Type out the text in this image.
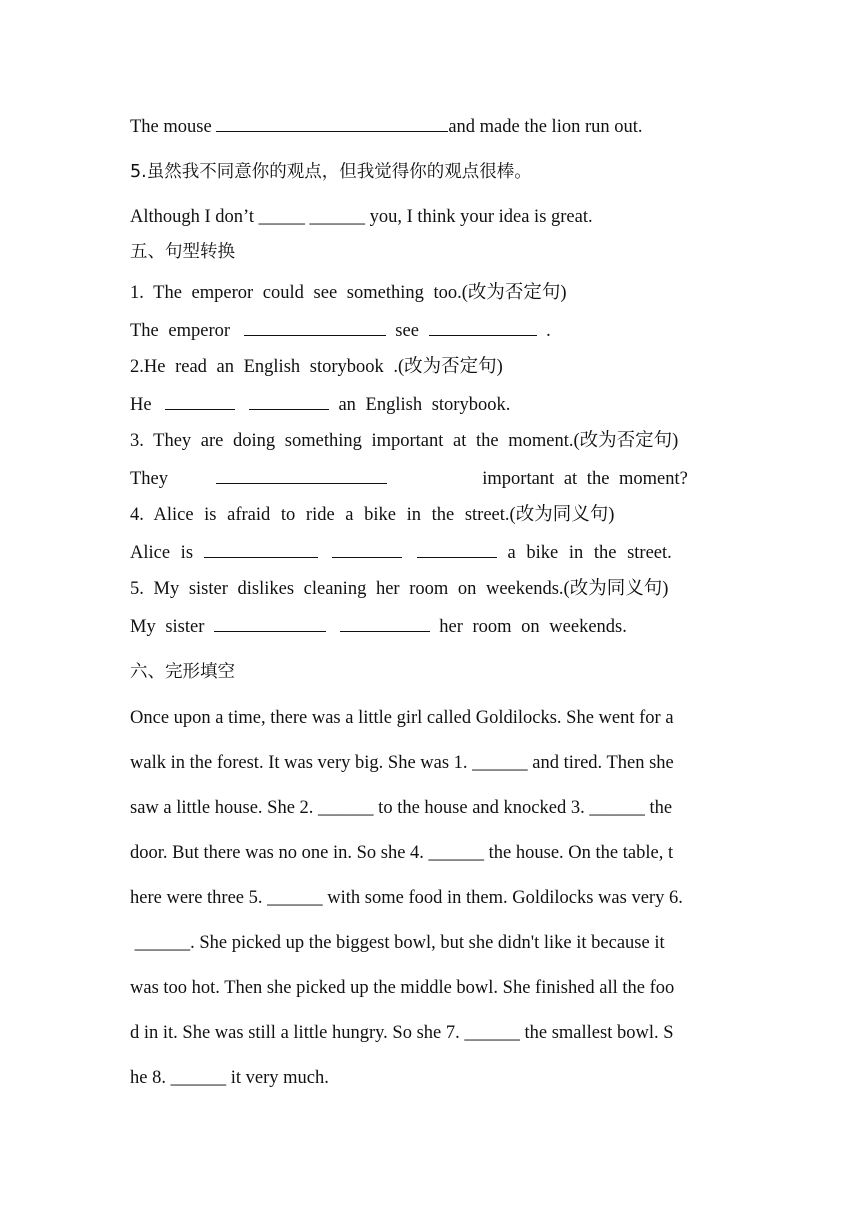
The mouse	and made the lion run out.
5.虽然我不同意你的观点，但我觉得你的观点很棒。
Although I don’t _____ ______ you, I think your idea is great.
五、句型转换
1. The emperor could see something too.(改为否定句)
The emperor	see	.
2.He read an English storybook .(改为否定句)
He	an English storybook.
3. They are doing something important at the moment.(改为否定句)
They	important at the moment?
4. Alice is afraid to ride a bike in the street.(改为同义句)
Alice is	a bike in the street.
5. My sister dislikes cleaning her room on weekends.(改为同义句)
My sister	her room on weekends.
六、完形填空
Once upon a time, there was a little girl called Goldilocks. She went for a
walk in the forest. It was very big. She was 1. ______ and tired. Then she
saw a little house. She 2. ______ to the house and knocked 3. ______ the
door. But there was no one in. So she 4. ______ the house. On the table, t
here were three 5. ______ with some food in them. Goldilocks was very 6.
______. She picked up the biggest bowl, but she didn't like it because it
was too hot. Then she picked up the middle bowl. She finished all the foo
d in it. She was still a little hungry. So she 7. ______ the smallest bowl. S
he 8. ______ it very much.
